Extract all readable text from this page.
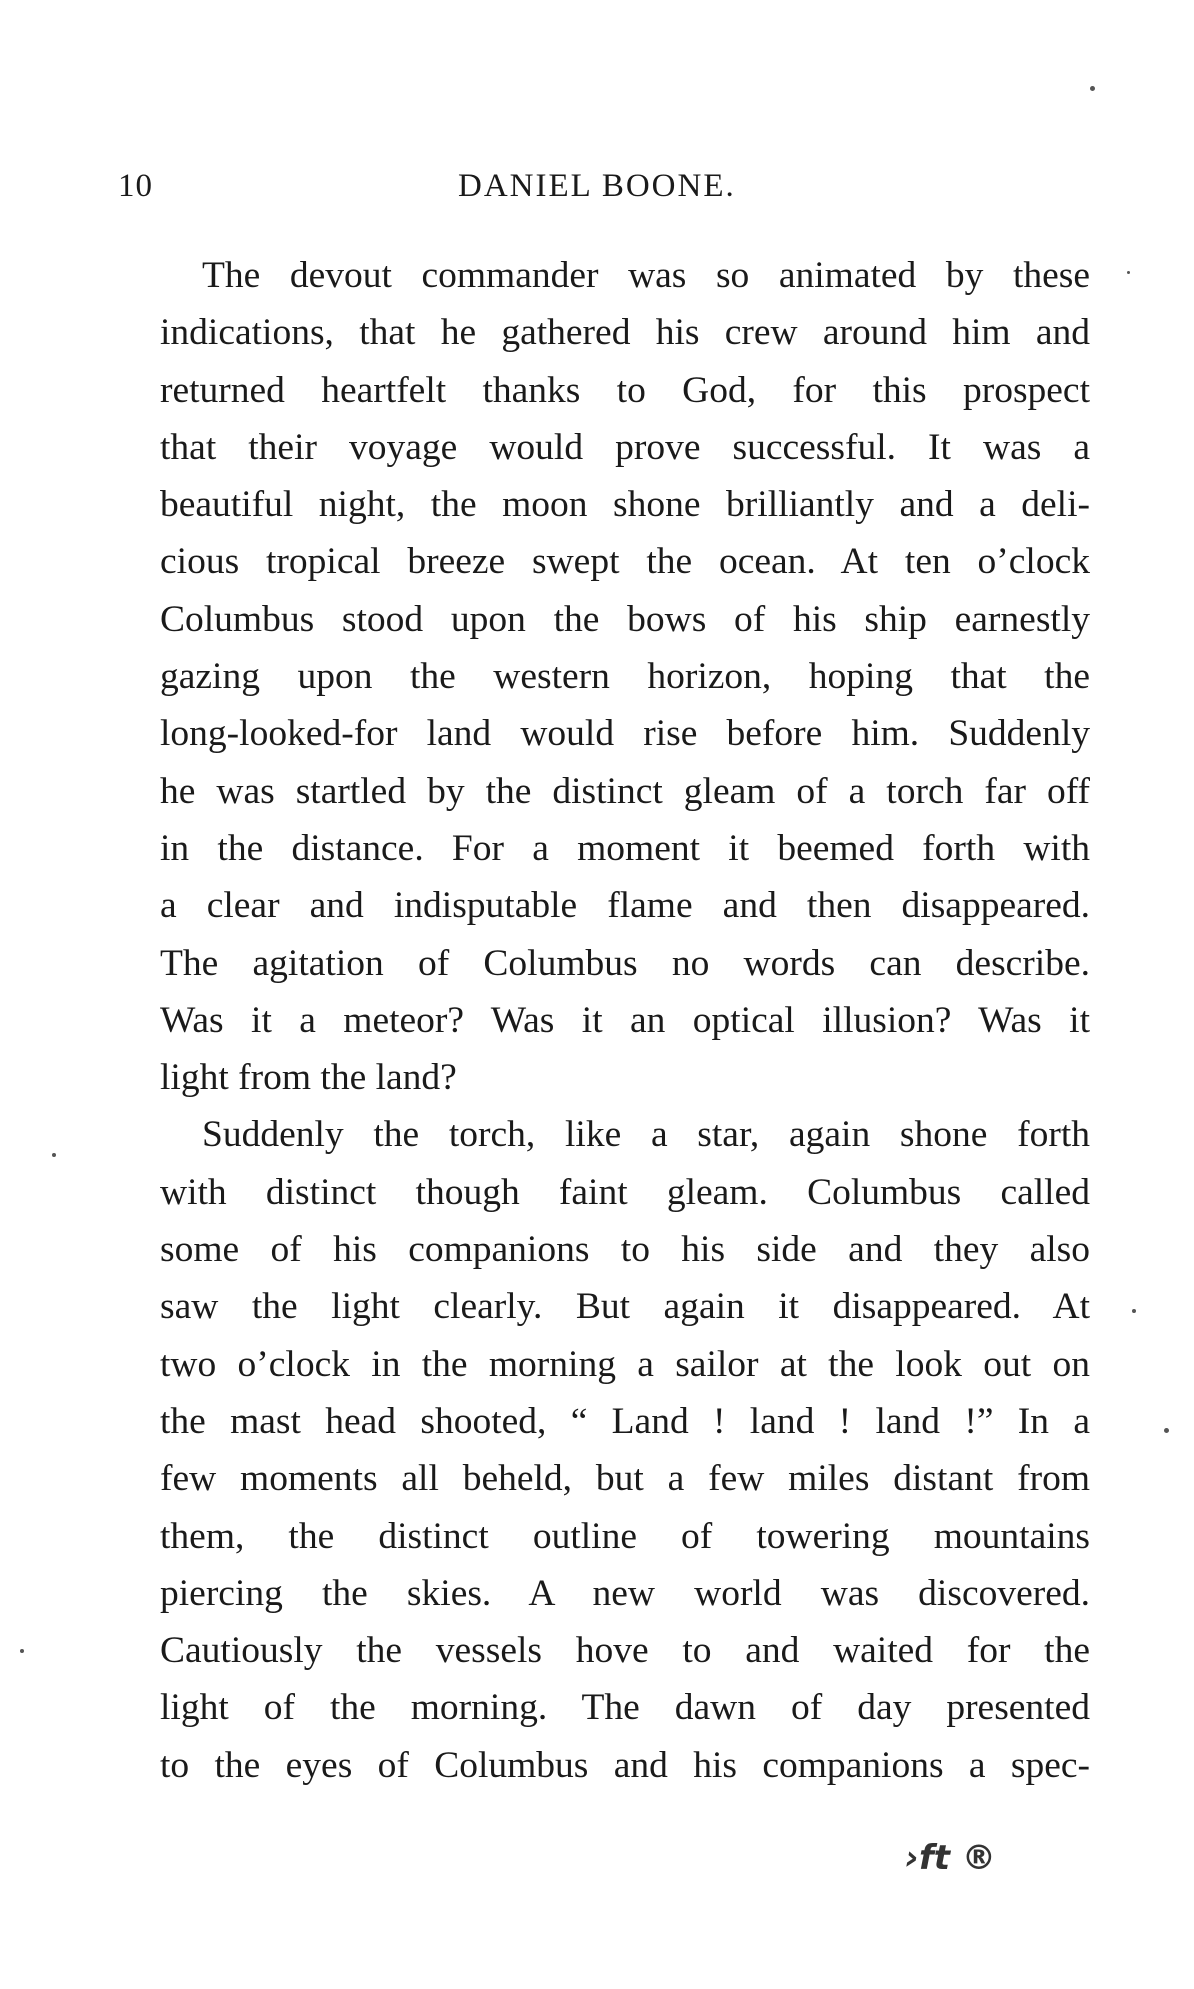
10	DANIEL BOONE.
The devout commander was so animated by these
indications, that he gathered his crew around him and
returned heartfelt thanks to God, for this prospect
that their voyage would prove successful. It was a
beautiful night, the moon shone brilliantly and a deli-
cious tropical breeze swept the ocean. At ten o’clock
Columbus stood upon the bows of his ship earnestly
gazing upon the western horizon, hoping that the
long-looked-for land would rise before him. Suddenly
he was startled by the distinct gleam of a torch far off
in the distance. For a moment it beemed forth with
a clear and indisputable flame and then disappeared.
The agitation of Columbus no words can describe.
Was it a meteor? Was it an optical illusion? Was it
light from the land?
Suddenly the torch, like a star, again shone forth
with distinct though faint gleam. Columbus called
some of his companions to his side and they also
saw the light clearly. But again it disappeared. At
two o’clock in the morning a sailor at the look out on
the mast head shooted, “ Land ! land ! land !” In a
few moments all beheld, but a few miles distant from
them, the distinct outline of towering mountains
piercing the skies. A new world was discovered.
Cautiously the vessels hove to and waited for the
light of the morning. The dawn of day presented
to the eyes of Columbus and his companions a spec-
›ft ®
